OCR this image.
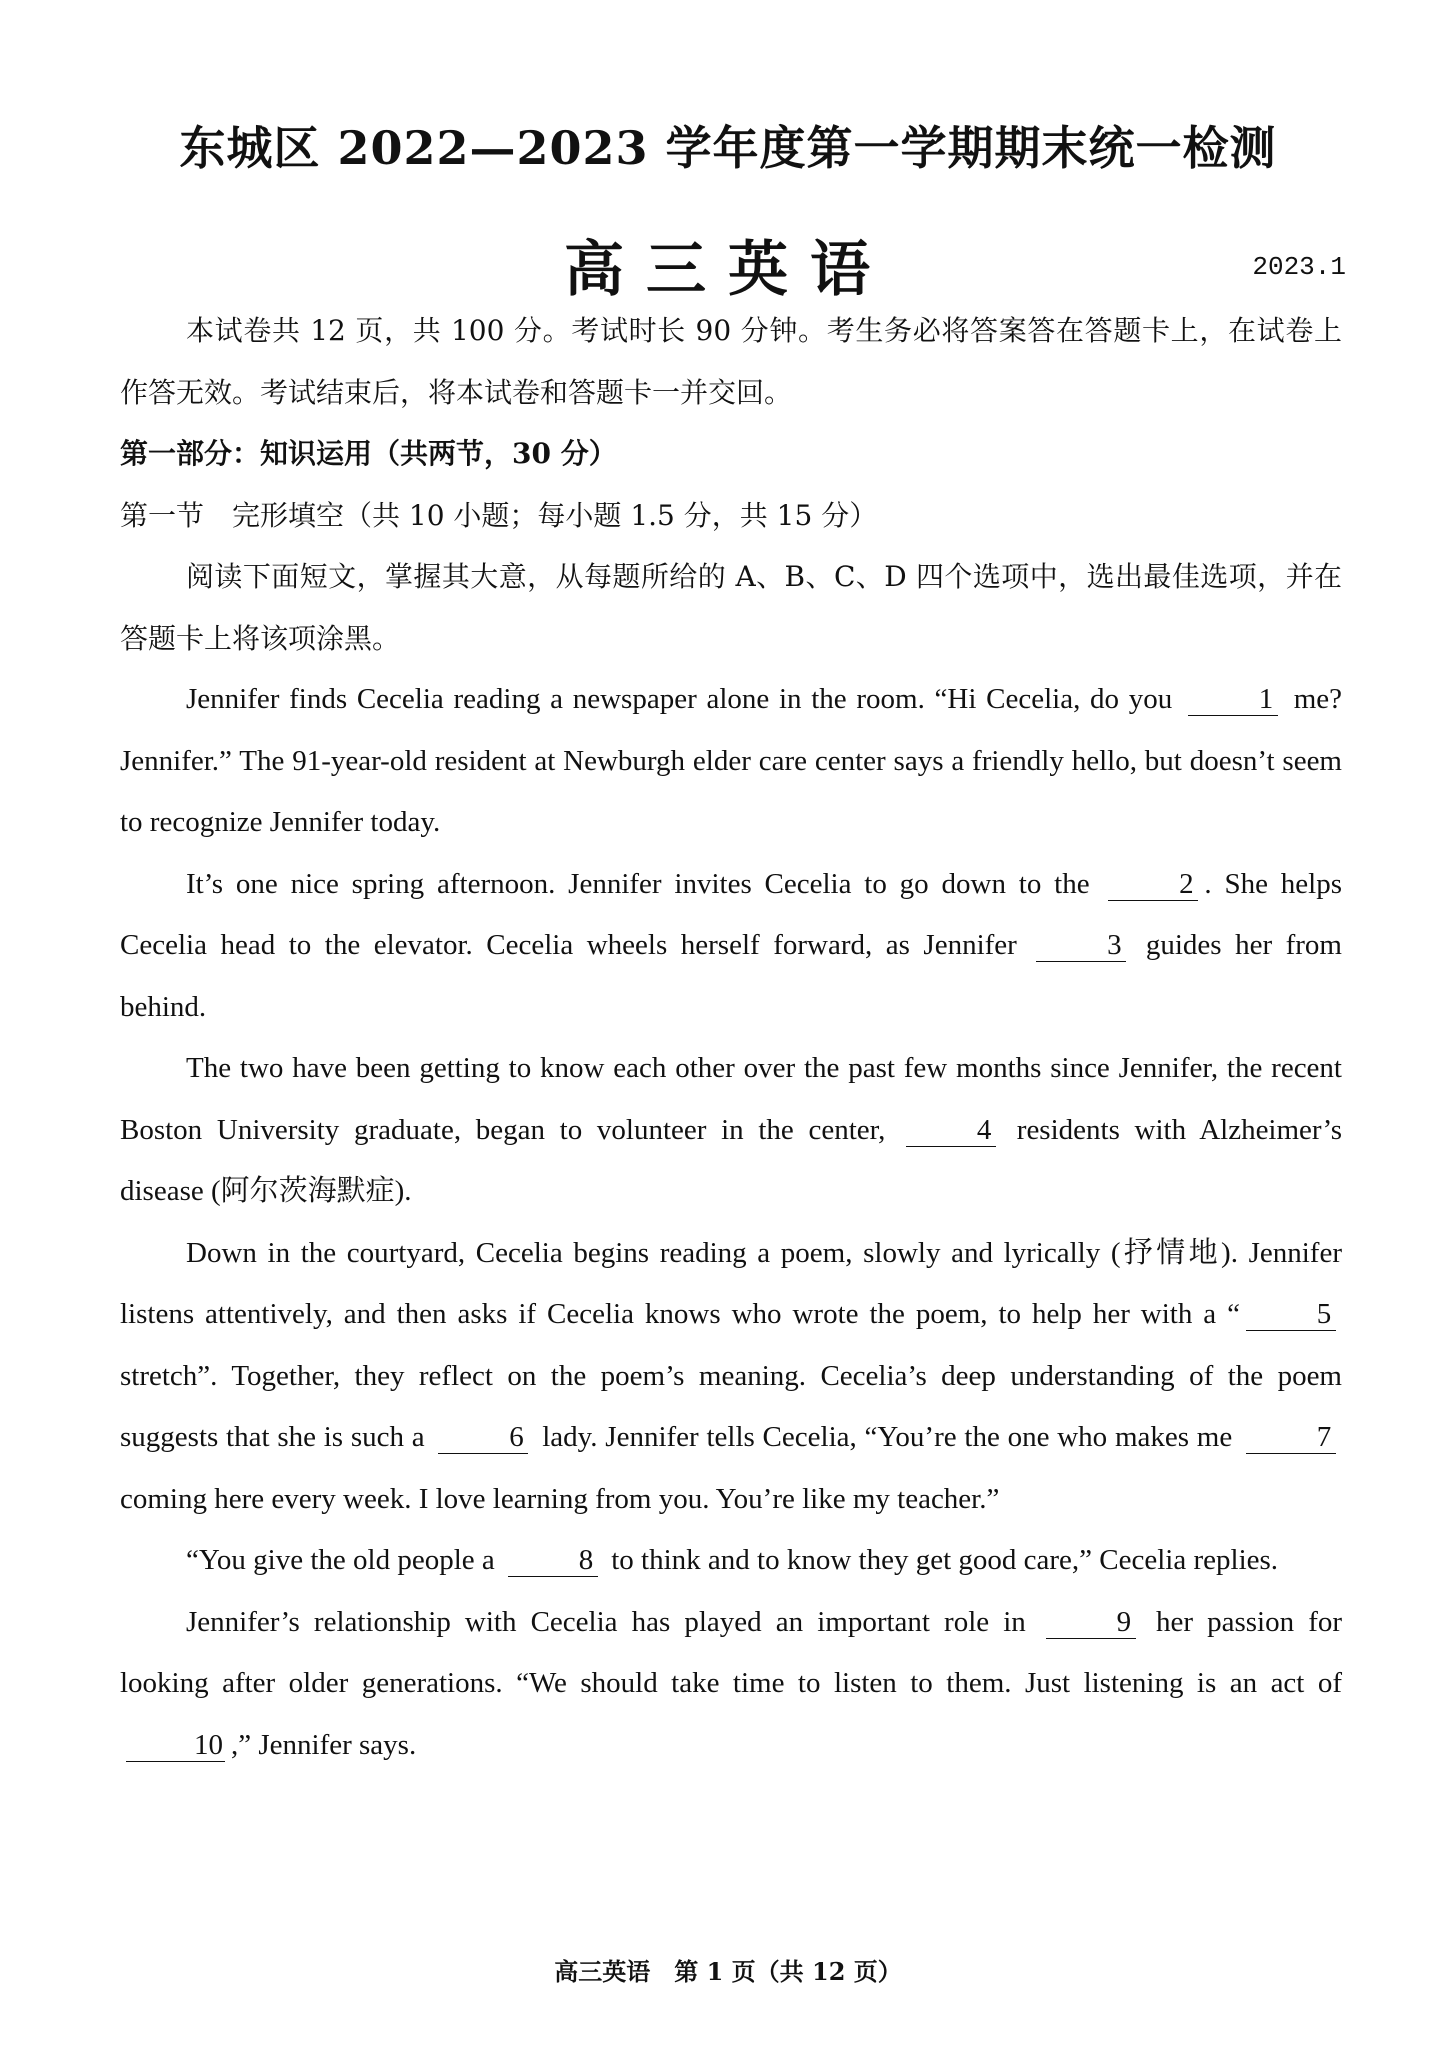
东城区 2022—2023 学年度第一学期期末统一检测
高三英语	2023.1

本试卷共 12 页，共 100 分。考试时长 90 分钟。考生务必将答案答在答题卡上，在试卷上作答无效。考试结束后，将本试卷和答题卡一并交回。

第一部分：知识运用（共两节，30 分）

第一节　完形填空（共 10 小题；每小题 1.5 分，共 15 分）

阅读下面短文，掌握其大意，从每题所给的 A、B、C、D 四个选项中，选出最佳选项，并在答题卡上将该项涂黑。

Jennifer finds Cecelia reading a newspaper alone in the room. “Hi Cecelia, do you	1 me? Jennifer.” The 91-year-old resident at Newburgh elder care center says a friendly hello, but doesn’t seem to recognize Jennifer today.

It’s one nice spring afternoon. Jennifer invites Cecelia to go down to the	2 . She helps Cecelia head to the elevator. Cecelia wheels herself forward, as Jennifer	3 guides her from behind.

The two have been getting to know each other over the past few months since Jennifer, the recent Boston University graduate, began to volunteer in the center,	4 residents with Alzheimer’s disease (阿尔茨海默症).

Down in the courtyard, Cecelia begins reading a poem, slowly and lyrically (抒情地). Jennifer listens attentively, and then asks if Cecelia knows who wrote the poem, to help her with a “	5 stretch”. Together, they reflect on the poem’s meaning. Cecelia’s deep understanding of the poem suggests that she is such a	6 lady. Jennifer tells Cecelia, “You’re the one who makes me	7 coming here every week. I love learning from you. You’re like my teacher.”

“You give the old people a	8 to think and to know they get good care,” Cecelia replies.

Jennifer’s relationship with Cecelia has played an important role in	9 her passion for looking after older generations. “We should take time to listen to them. Just listening is an act of 10 ,” Jennifer says.

高三英语　第 1 页（共 12 页）
